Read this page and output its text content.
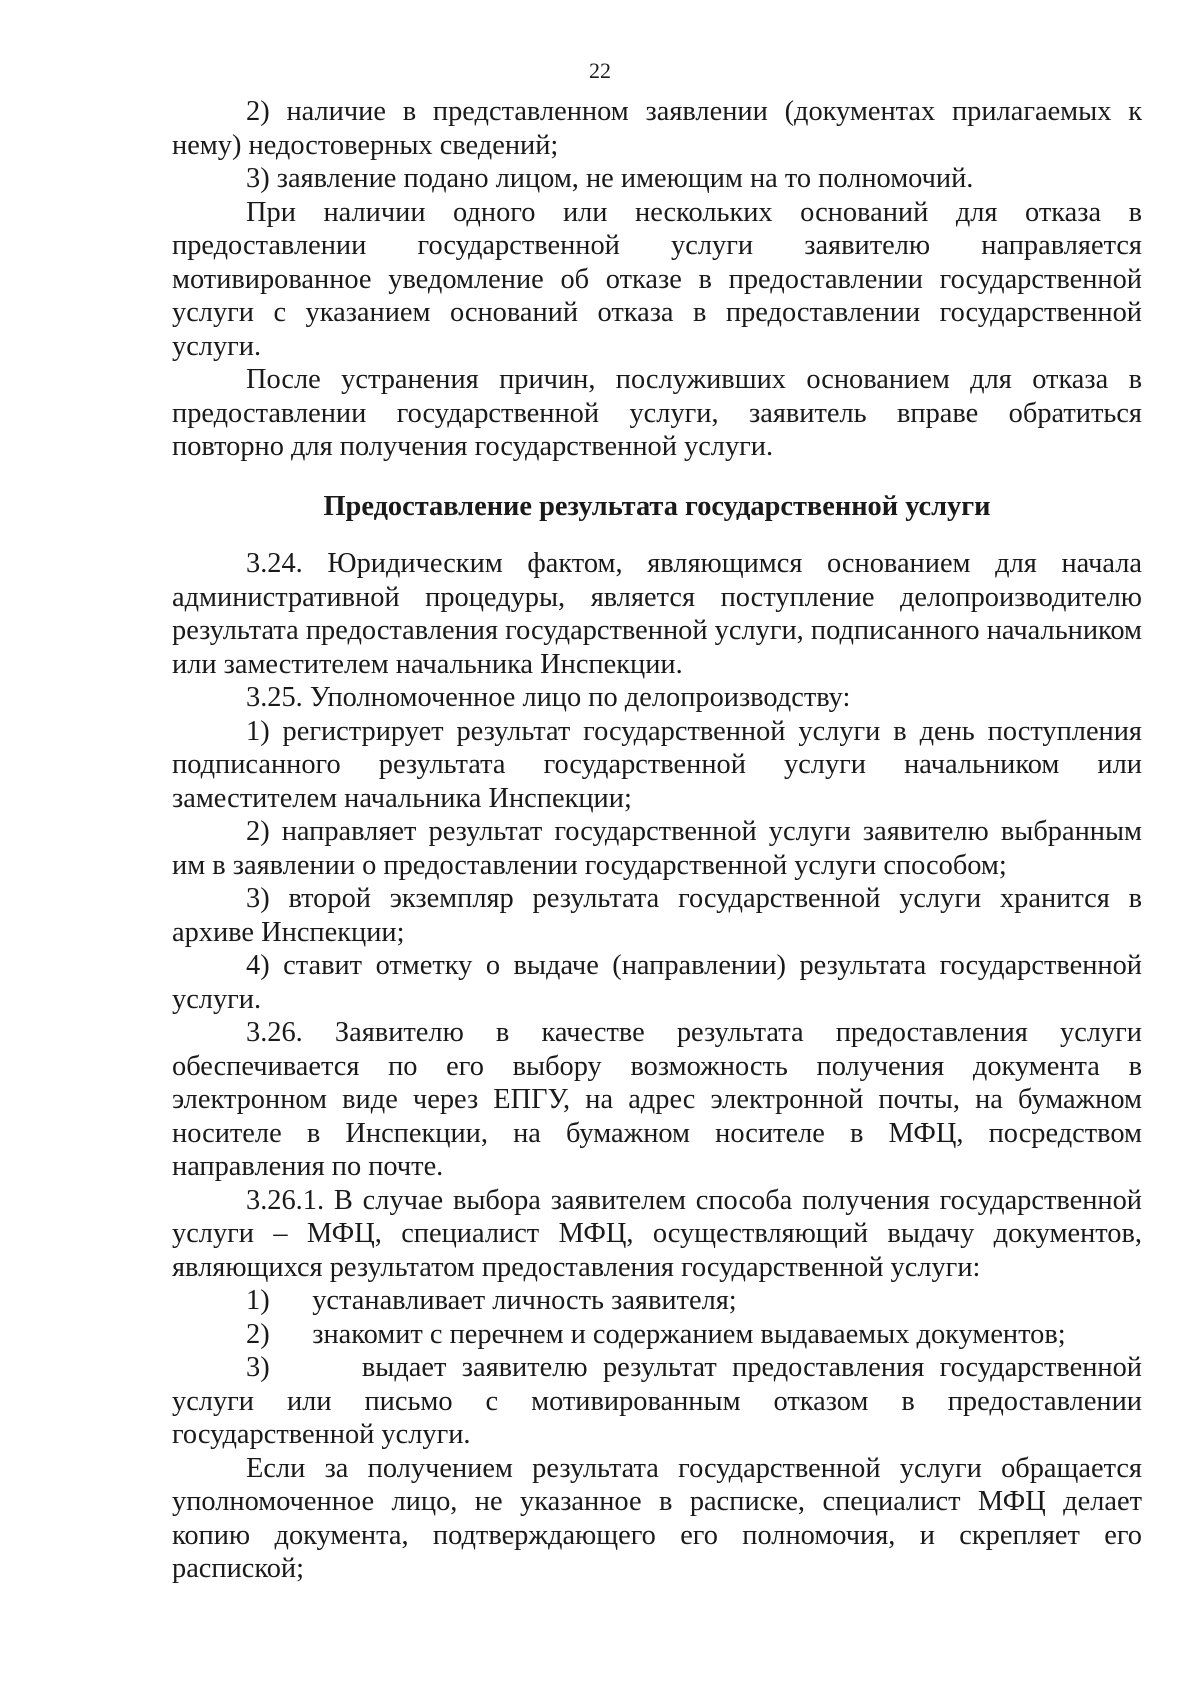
22

2) наличие в представленном заявлении (документах прилагаемых к нему) недостоверных сведений;

3) заявление подано лицом, не имеющим на то полномочий.

При наличии одного или нескольких оснований для отказа в предоставлении государственной услуги заявителю направляется мотивированное уведомление об отказе в предоставлении государственной услуги с указанием оснований отказа в предоставлении государственной услуги.

После устранения причин, послуживших основанием для отказа в предоставлении государственной услуги, заявитель вправе обратиться повторно для получения государственной услуги.

Предоставление результата государственной услуги

3.24. Юридическим фактом, являющимся основанием для начала административной процедуры, является поступление делопроизводителю результата предоставления государственной услуги, подписанного начальником или заместителем начальника Инспекции.

3.25. Уполномоченное лицо по делопроизводству:

1) регистрирует результат государственной услуги в день поступления подписанного результата государственной услуги начальником или заместителем начальника Инспекции;

2) направляет результат государственной услуги заявителю выбранным им в заявлении о предоставлении государственной услуги способом;

3) второй экземпляр результата государственной услуги хранится в архиве Инспекции;

4) ставит отметку о выдаче (направлении) результата государственной услуги.

3.26. Заявителю в качестве результата предоставления услуги обеспечивается по его выбору возможность получения документа в электронном виде через ЕПГУ, на адрес электронной почты, на бумажном носителе в Инспекции, на бумажном носителе в МФЦ, посредством направления по почте.

3.26.1. В случае выбора заявителем способа получения государственной услуги – МФЦ, специалист МФЦ, осуществляющий выдачу документов, являющихся результатом предоставления государственной услуги:

1)      устанавливает личность заявителя;

2)      знакомит с перечнем и содержанием выдаваемых документов;

3)      выдает заявителю результат предоставления государственной услуги или письмо с мотивированным отказом в предоставлении государственной услуги.

Если за получением результата государственной услуги обращается уполномоченное лицо, не указанное в расписке, специалист МФЦ делает копию документа, подтверждающего его полномочия, и скрепляет его распиской;
